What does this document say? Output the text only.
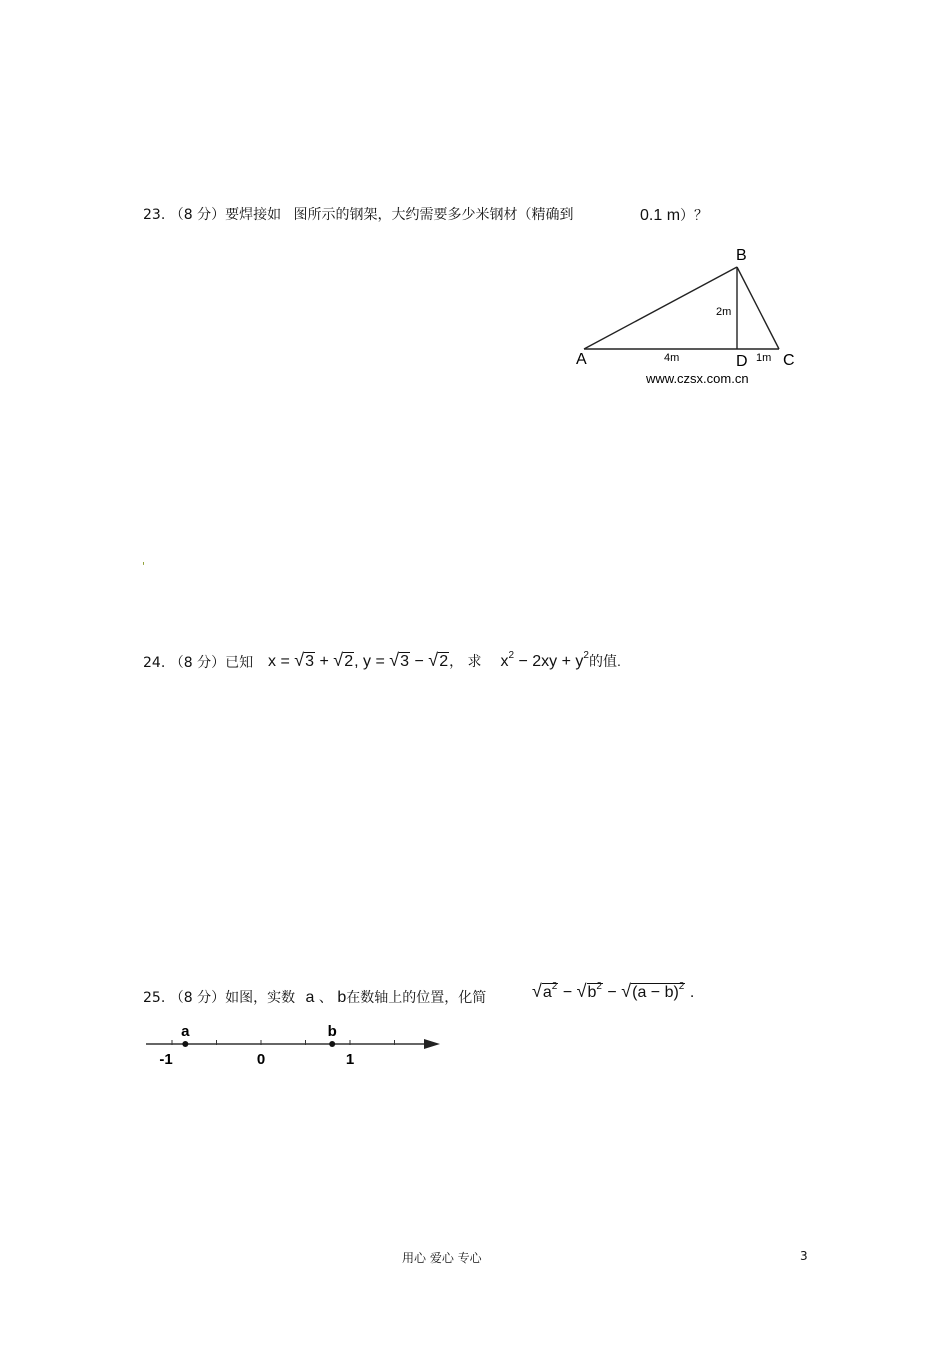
23. （8 分）要焊接如 图所示的钢架，大约需要多少米钢材（精确到	0.1 m）？
B
A	D C
2m
4m	1m
www.czsx.com.cn
'
24. （8 分）已知 x = √3 + √2, y = √3 − √2， 求 $x^2 - 2xy + y^2$的值.
25. （8 分）如图，实数 a 、 b在数轴上的位置，化简	$√a^2 - √b^2 - √(a - b)^2$ .
a	b
-1	0	1
用心 爱心 专心	3
